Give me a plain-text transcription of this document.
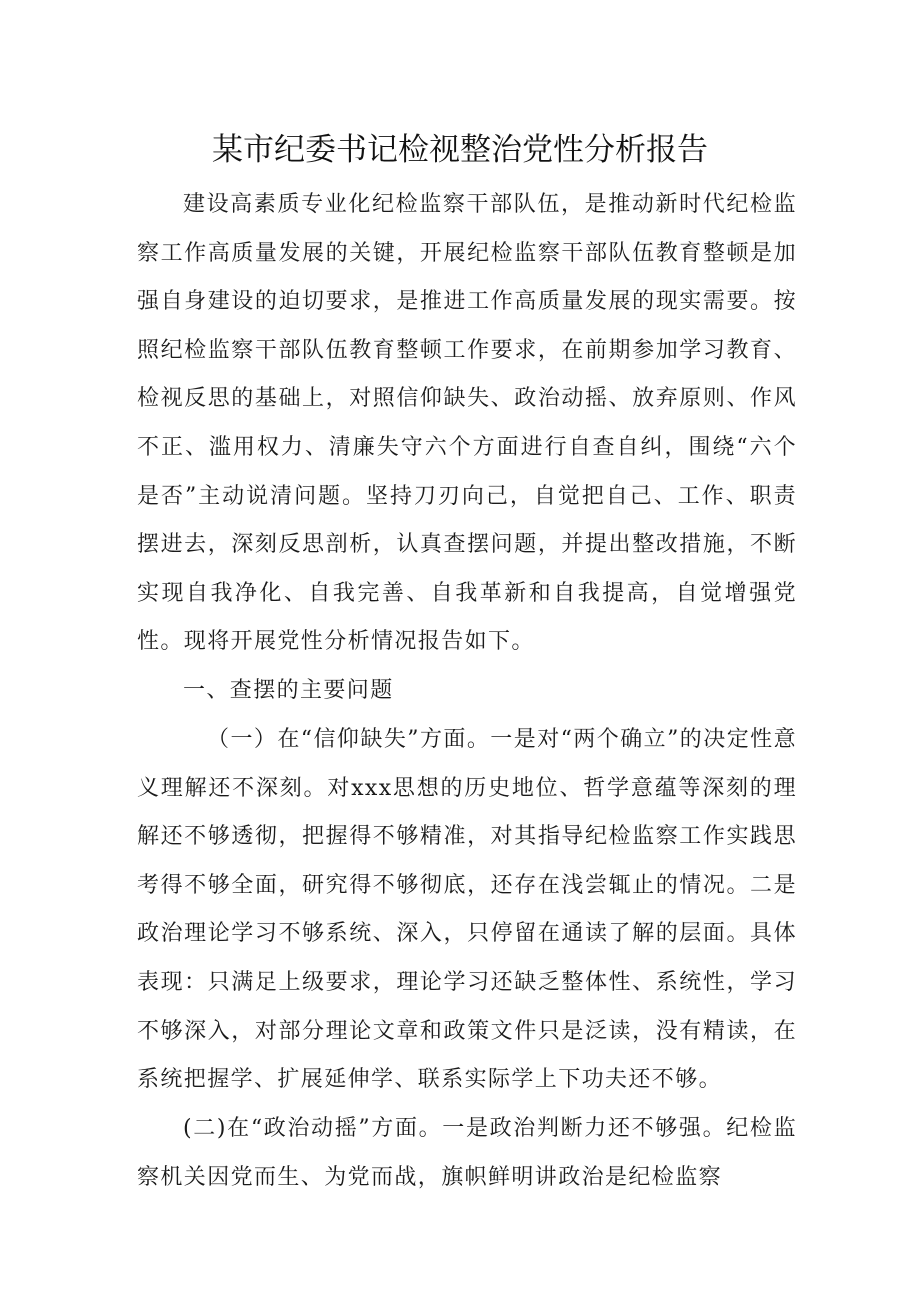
某市纪委书记检视整治党性分析报告

建设高素质专业化纪检监察干部队伍，是推动新时代纪检监察工作高质量发展的关键，开展纪检监察干部队伍教育整顿是加强自身建设的迫切要求，是推进工作高质量发展的现实需要。按照纪检监察干部队伍教育整顿工作要求，在前期参加学习教育、检视反思的基础上，对照信仰缺失、政治动摇、放弃原则、作风不正、滥用权力、清廉失守六个方面进行自查自纠，围绕“六个是否”主动说清问题。坚持刀刃向己，自觉把自己、工作、职责摆进去，深刻反思剖析，认真查摆问题，并提出整改措施，不断实现自我净化、自我完善、自我革新和自我提高，自觉增强党性。现将开展党性分析情况报告如下。

一、查摆的主要问题

（一）在“信仰缺失”方面。一是对“两个确立”的决定性意义理解还不深刻。对xxx思想的历史地位、哲学意蕴等深刻的理解还不够透彻，把握得不够精准，对其指导纪检监察工作实践思考得不够全面，研究得不够彻底，还存在浅尝辄止的情况。二是政治理论学习不够系统、深入，只停留在通读了解的层面。具体表现：只满足上级要求，理论学习还缺乏整体性、系统性，学习不够深入，对部分理论文章和政策文件只是泛读，没有精读，在系统把握学、扩展延伸学、联系实际学上下功夫还不够。

(二)在“政治动摇”方面。一是政治判断力还不够强。纪检监察机关因党而生、为党而战，旗帜鲜明讲政治是纪检监察
